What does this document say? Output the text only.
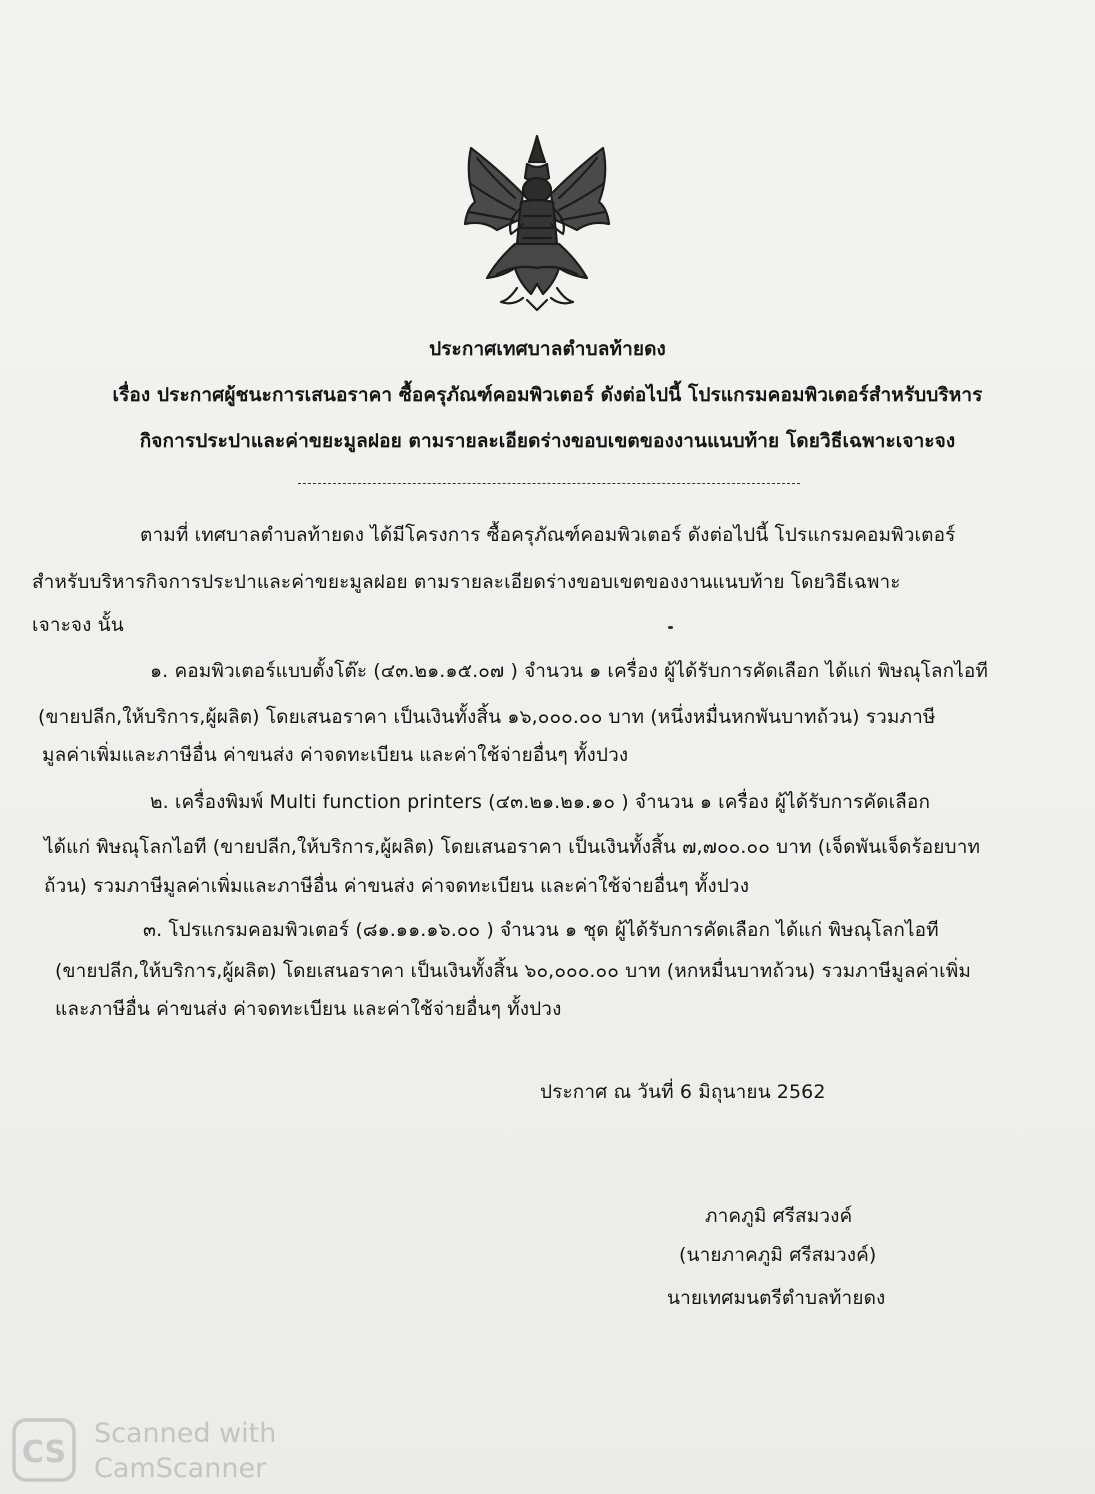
ประกาศเทศบาลตำบลท้ายดง
เรื่อง ประกาศผู้ชนะการเสนอราคา ซื้อครุภัณฑ์คอมพิวเตอร์ ดังต่อไปนี้ โปรแกรมคอมพิวเตอร์สำหรับบริหาร
กิจการประปาและค่าขยะมูลฝอย ตามรายละเอียดร่างขอบเขตของงานแนบท้าย โดยวิธีเฉพาะเจาะจง
ตามที่ เทศบาลตำบลท้ายดง ได้มีโครงการ ซื้อครุภัณฑ์คอมพิวเตอร์ ดังต่อไปนี้ โปรแกรมคอมพิวเตอร์
สำหรับบริหารกิจการประปาและค่าขยะมูลฝอย ตามรายละเอียดร่างขอบเขตของงานแนบท้าย โดยวิธีเฉพาะ
เจาะจง นั้น
๑. คอมพิวเตอร์แบบตั้งโต๊ะ (๔๓.๒๑.๑๕.๐๗ ) จำนวน ๑ เครื่อง ผู้ได้รับการคัดเลือก ได้แก่ พิษณุโลกไอที
(ขายปลีก,ให้บริการ,ผู้ผลิต) โดยเสนอราคา เป็นเงินทั้งสิ้น ๑๖,๐๐๐.๐๐ บาท (หนึ่งหมื่นหกพันบาทถ้วน) รวมภาษี
มูลค่าเพิ่มและภาษีอื่น ค่าขนส่ง ค่าจดทะเบียน และค่าใช้จ่ายอื่นๆ ทั้งปวง
๒. เครื่องพิมพ์ Multi function printers (๔๓.๒๑.๒๑.๑๐ ) จำนวน ๑ เครื่อง ผู้ได้รับการคัดเลือก
ได้แก่ พิษณุโลกไอที (ขายปลีก,ให้บริการ,ผู้ผลิต) โดยเสนอราคา เป็นเงินทั้งสิ้น ๗,๗๐๐.๐๐ บาท (เจ็ดพันเจ็ดร้อยบาท
ถ้วน) รวมภาษีมูลค่าเพิ่มและภาษีอื่น ค่าขนส่ง ค่าจดทะเบียน และค่าใช้จ่ายอื่นๆ ทั้งปวง
๓. โปรแกรมคอมพิวเตอร์ (๘๑.๑๑.๑๖.๐๐ ) จำนวน ๑ ชุด ผู้ได้รับการคัดเลือก ได้แก่ พิษณุโลกไอที
(ขายปลีก,ให้บริการ,ผู้ผลิต) โดยเสนอราคา เป็นเงินทั้งสิ้น ๖๐,๐๐๐.๐๐ บาท (หกหมื่นบาทถ้วน) รวมภาษีมูลค่าเพิ่ม
และภาษีอื่น ค่าขนส่ง ค่าจดทะเบียน และค่าใช้จ่ายอื่นๆ ทั้งปวง
ประกาศ ณ วันที่ 6 มิถุนายน 2562
ภาคภูมิ ศรีสมวงค์
(นายภาคภูมิ ศรีสมวงค์)
นายเทศมนตรีตำบลท้ายดง
CS
Scanned with
CamScanner
